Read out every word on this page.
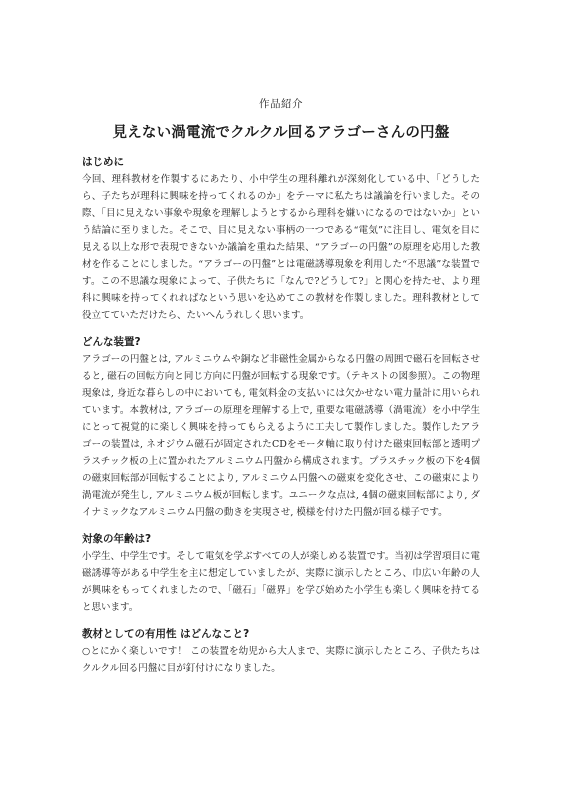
作品紹介
見えない渦電流でクルクル回るアラゴーさんの円盤
はじめに

今回、理科教材を作製するにあたり、小中学生の理科離れが深刻化している中、「どうしたら、子たちが理科に興味を持ってくれるのか」をテーマに私たちは議論を行いました。その際、「目に見えない事象や現象を理解しようとするから理科を嫌いになるのではないか」という結論に至りました。そこで、目に見えない事柄の一つである“電気”に注目し、電気を目に見える以上な形で表現できないか議論を重ねた結果、“アラゴーの円盤”の原理を応用した教材を作ることにしました。“アラゴーの円盤”とは電磁誘導現象を利用した“不思議”な装置です。この不思議な現象によって、子供たちに「なんで?どうして?」と関心を持たせ、より理科に興味を持ってくれればなという思いを込めてこの教材を作製しました。理科教材として役立てていただけたら、たいへんうれしく思います。

どんな装置?

アラゴーの円盤とは, アルミニウムや銅など非磁性金属からなる円盤の周囲で磁石を回転させると, 磁石の回転方向と同じ方向に円盤が回転する現象です。（テキストの図参照）。この物理現象は, 身近な暮らしの中においても, 電気料金の支払いには欠かせない電力量計に用いられています。本教材は, アラゴーの原理を理解する上で, 重要な電磁誘導（渦電流）を小中学生にとって視覚的に楽しく興味を持ってもらえるように工夫して製作しました。製作したアラゴーの装置は, ネオジウム磁石が固定されたCDをモータ軸に取り付けた磁束回転部と透明プラスチック板の上に置かれたアルミニウム円盤から構成されます。プラスチック板の下を4個の磁束回転部が回転することにより, アルミニウム円盤への磁束を変化させ、この磁束により渦電流が発生し, アルミニウム板が回転します。ユニークな点は, 4個の磁束回転部により, ダイナミックなアルミニウム円盤の動きを実現させ, 模様を付けた円盤が回る様子です。

対象の年齢は?

小学生、中学生です。そして電気を学ぶすべての人が楽しめる装置です。当初は学習項目に電磁誘導等がある中学生を主に想定していましたが、実際に演示したところ、巾広い年齢の人が興味をもってくれましたので、「磁石」「磁界」を学び始めた小学生も楽しく興味を持てると思います。

教材としての有用性 はどんなこと?

○とにかく楽しいです！ この装置を幼児から大人まで、実際に演示したところ、子供たちはクルクル回る円盤に目が釘付けになりました。
